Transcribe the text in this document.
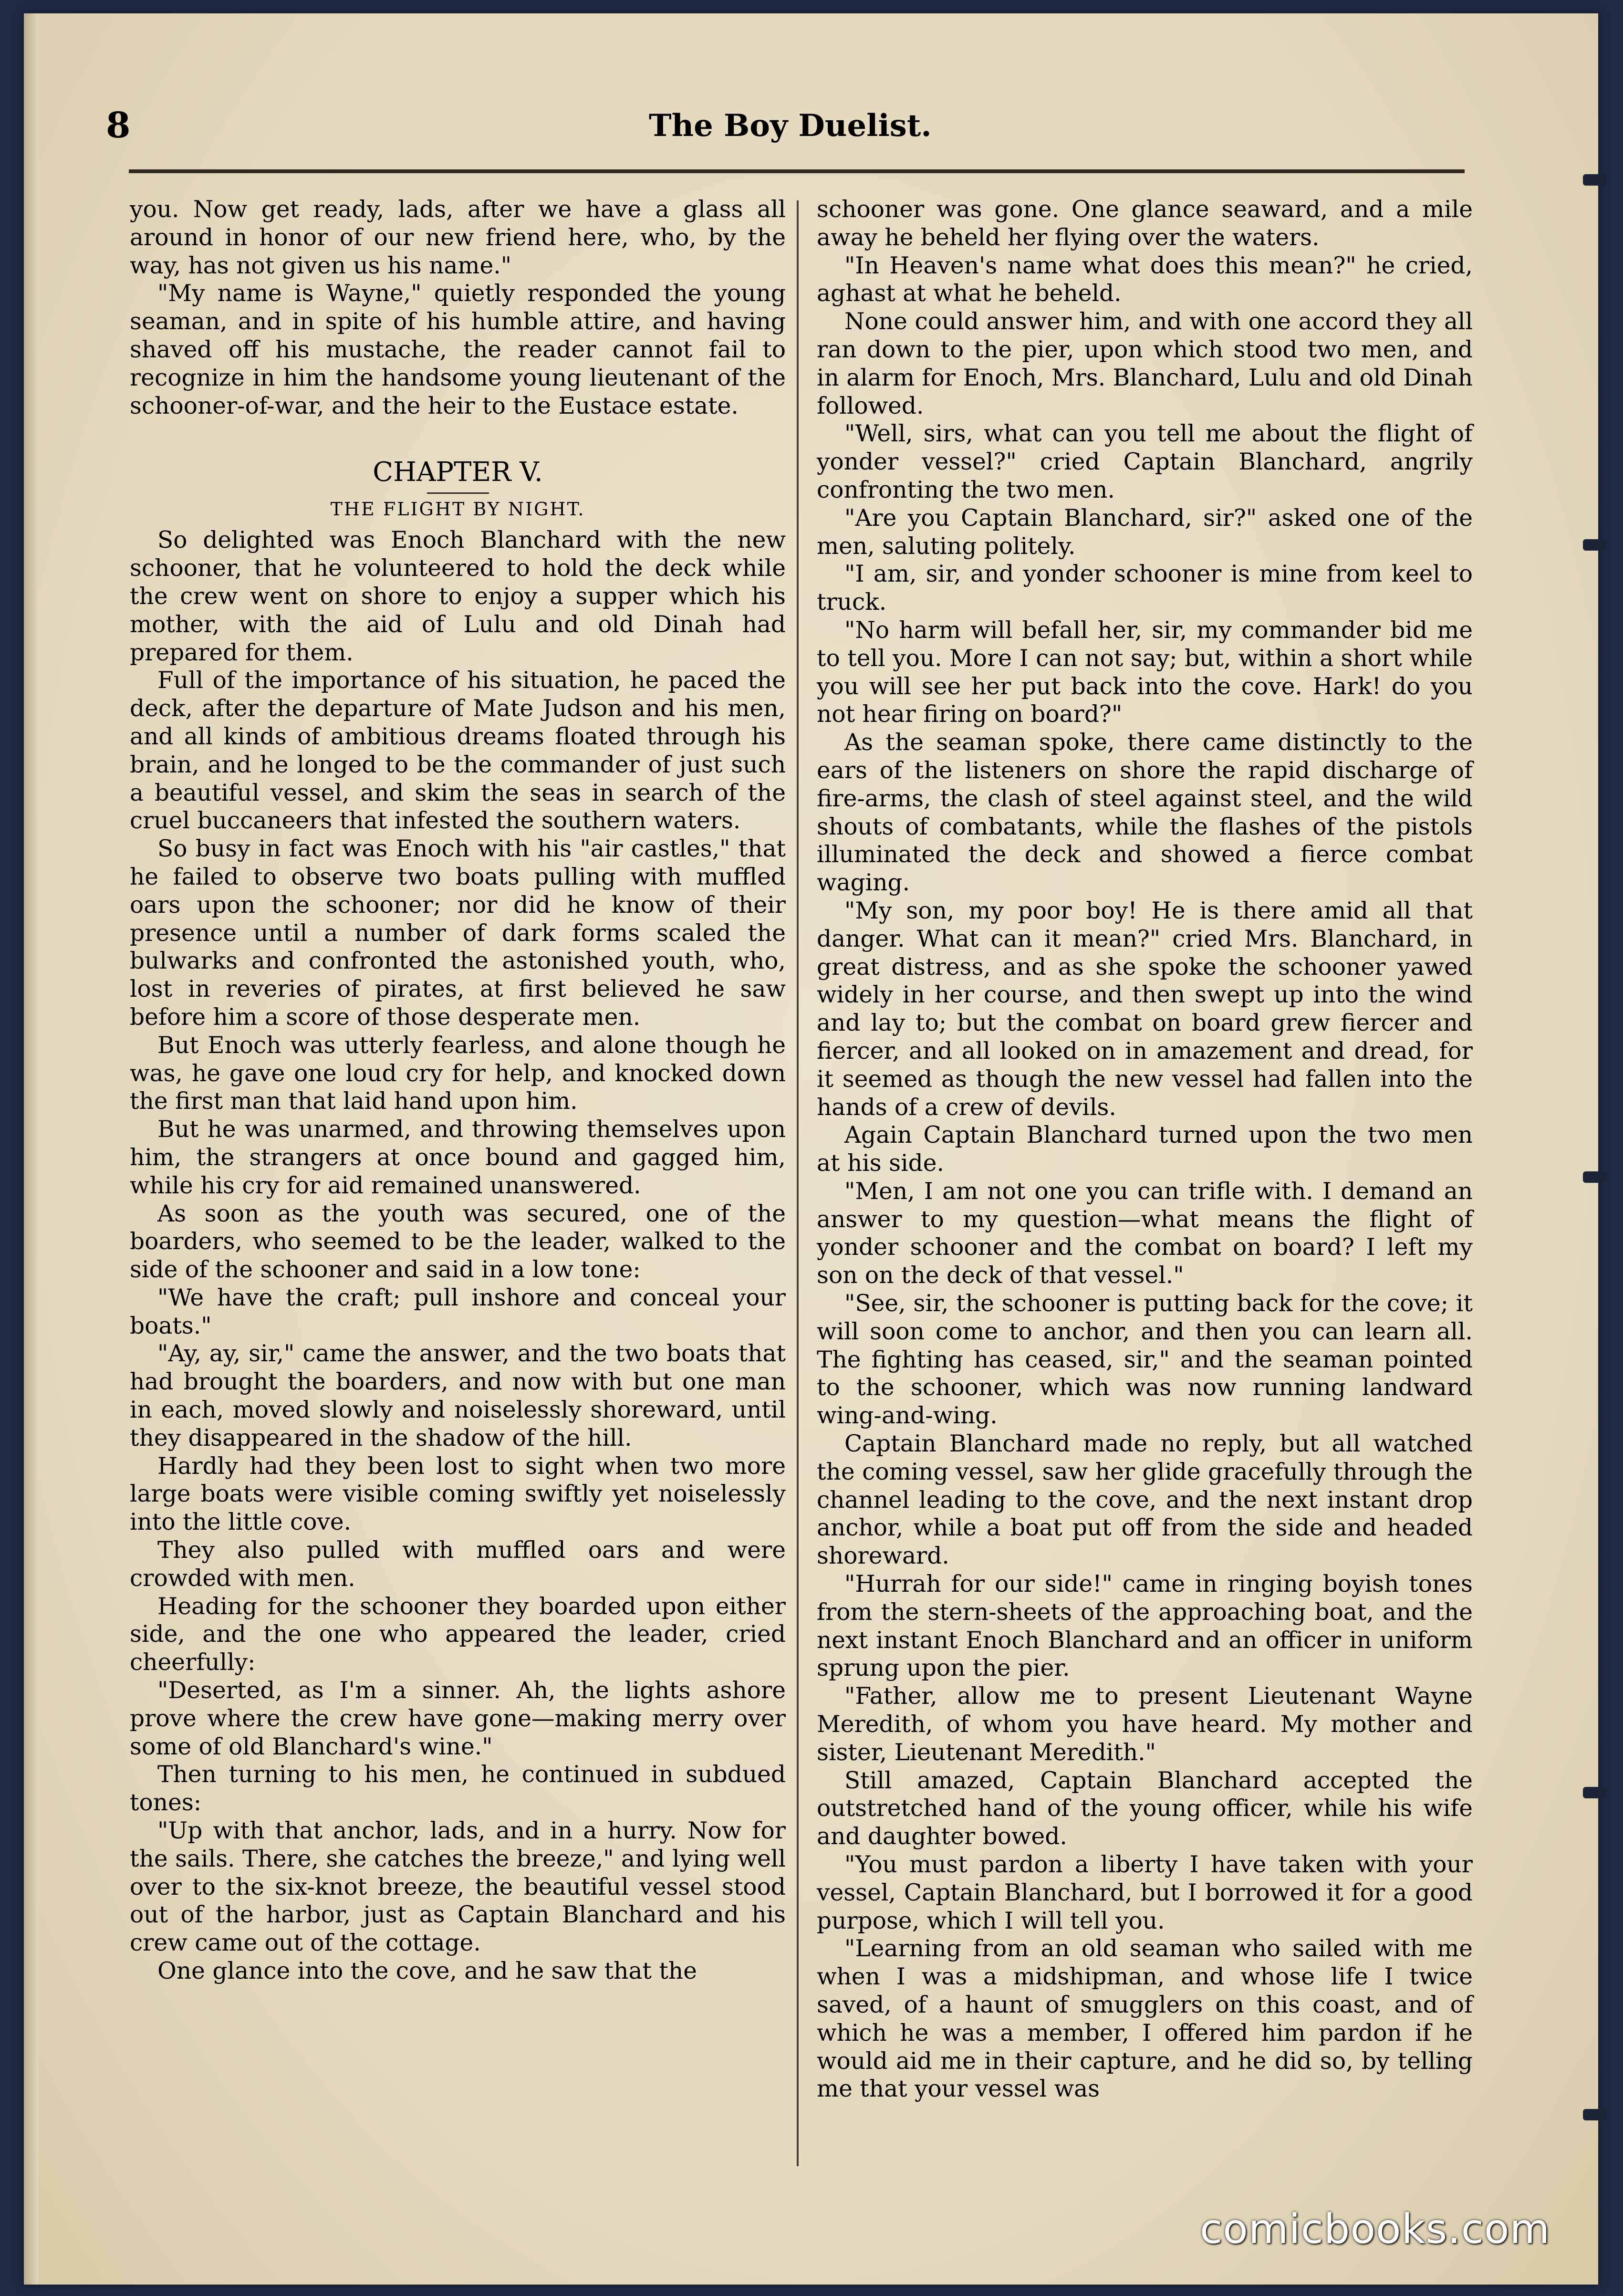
8	The Boy Duelist.

you. Now get ready, lads, after we have a glass all around in honor of our new friend here, who, by the way, has not given us his name."

"My name is Wayne," quietly responded the young seaman, and in spite of his humble attire, and having shaved off his mustache, the reader cannot fail to recognize in him the handsome young lieutenant of the schooner-of-war, and the heir to the Eustace estate.

CHAPTER V.
THE FLIGHT BY NIGHT.

So delighted was Enoch Blanchard with the new schooner, that he volunteered to hold the deck while the crew went on shore to enjoy a supper which his mother, with the aid of Lulu and old Dinah had prepared for them.

Full of the importance of his situation, he paced the deck, after the departure of Mate Judson and his men, and all kinds of ambitious dreams floated through his brain, and he longed to be the commander of just such a beautiful vessel, and skim the seas in search of the cruel buccaneers that infested the southern waters.

So busy in fact was Enoch with his "air castles," that he failed to observe two boats pulling with muffled oars upon the schooner; nor did he know of their presence until a number of dark forms scaled the bulwarks and confronted the astonished youth, who, lost in reveries of pirates, at first believed he saw before him a score of those desperate men.

But Enoch was utterly fearless, and alone though he was, he gave one loud cry for help, and knocked down the first man that laid hand upon him.

But he was unarmed, and throwing themselves upon him, the strangers at once bound and gagged him, while his cry for aid remained unanswered.

As soon as the youth was secured, one of the boarders, who seemed to be the leader, walked to the side of the schooner and said in a low tone:

"We have the craft; pull inshore and conceal your boats."

"Ay, ay, sir," came the answer, and the two boats that had brought the boarders, and now with but one man in each, moved slowly and noiselessly shoreward, until they disappeared in the shadow of the hill.

Hardly had they been lost to sight when two more large boats were visible coming swiftly yet noiselessly into the little cove.

They also pulled with muffled oars and were crowded with men.

Heading for the schooner they boarded upon either side, and the one who appeared the leader, cried cheerfully:

"Deserted, as I'm a sinner. Ah, the lights ashore prove where the crew have gone—making merry over some of old Blanchard's wine."

Then turning to his men, he continued in subdued tones:

"Up with that anchor, lads, and in a hurry. Now for the sails. There, she catches the breeze," and lying well over to the six-knot breeze, the beautiful vessel stood out of the harbor, just as Captain Blanchard and his crew came out of the cottage.

One glance into the cove, and he saw that the

schooner was gone. One glance seaward, and a mile away he beheld her flying over the waters.

"In Heaven's name what does this mean?" he cried, aghast at what he beheld.

None could answer him, and with one accord they all ran down to the pier, upon which stood two men, and in alarm for Enoch, Mrs. Blanchard, Lulu and old Dinah followed.

"Well, sirs, what can you tell me about the flight of yonder vessel?" cried Captain Blanchard, angrily confronting the two men.

"Are you Captain Blanchard, sir?" asked one of the men, saluting politely.

"I am, sir, and yonder schooner is mine from keel to truck.

"No harm will befall her, sir, my commander bid me to tell you. More I can not say; but, within a short while you will see her put back into the cove. Hark! do you not hear firing on board?"

As the seaman spoke, there came distinctly to the ears of the listeners on shore the rapid discharge of fire-arms, the clash of steel against steel, and the wild shouts of combatants, while the flashes of the pistols illuminated the deck and showed a fierce combat waging.

"My son, my poor boy! He is there amid all that danger. What can it mean?" cried Mrs. Blanchard, in great distress, and as she spoke the schooner yawed widely in her course, and then swept up into the wind and lay to; but the combat on board grew fiercer and fiercer, and all looked on in amazement and dread, for it seemed as though the new vessel had fallen into the hands of a crew of devils.

Again Captain Blanchard turned upon the two men at his side.

"Men, I am not one you can trifle with. I demand an answer to my question—what means the flight of yonder schooner and the combat on board? I left my son on the deck of that vessel."

"See, sir, the schooner is putting back for the cove; it will soon come to anchor, and then you can learn all. The fighting has ceased, sir," and the seaman pointed to the schooner, which was now running landward wing-and-wing.

Captain Blanchard made no reply, but all watched the coming vessel, saw her glide gracefully through the channel leading to the cove, and the next instant drop anchor, while a boat put off from the side and headed shoreward.

"Hurrah for our side!" came in ringing boyish tones from the stern-sheets of the approaching boat, and the next instant Enoch Blanchard and an officer in uniform sprung upon the pier.

"Father, allow me to present Lieutenant Wayne Meredith, of whom you have heard. My mother and sister, Lieutenant Meredith."

Still amazed, Captain Blanchard accepted the outstretched hand of the young officer, while his wife and daughter bowed.

"You must pardon a liberty I have taken with your vessel, Captain Blanchard, but I borrowed it for a good purpose, which I will tell you.

"Learning from an old seaman who sailed with me when I was a midshipman, and whose life I twice saved, of a haunt of smugglers on this coast, and of which he was a member, I offered him pardon if he would aid me in their capture, and he did so, by telling me that your vessel was

comicbooks.com
